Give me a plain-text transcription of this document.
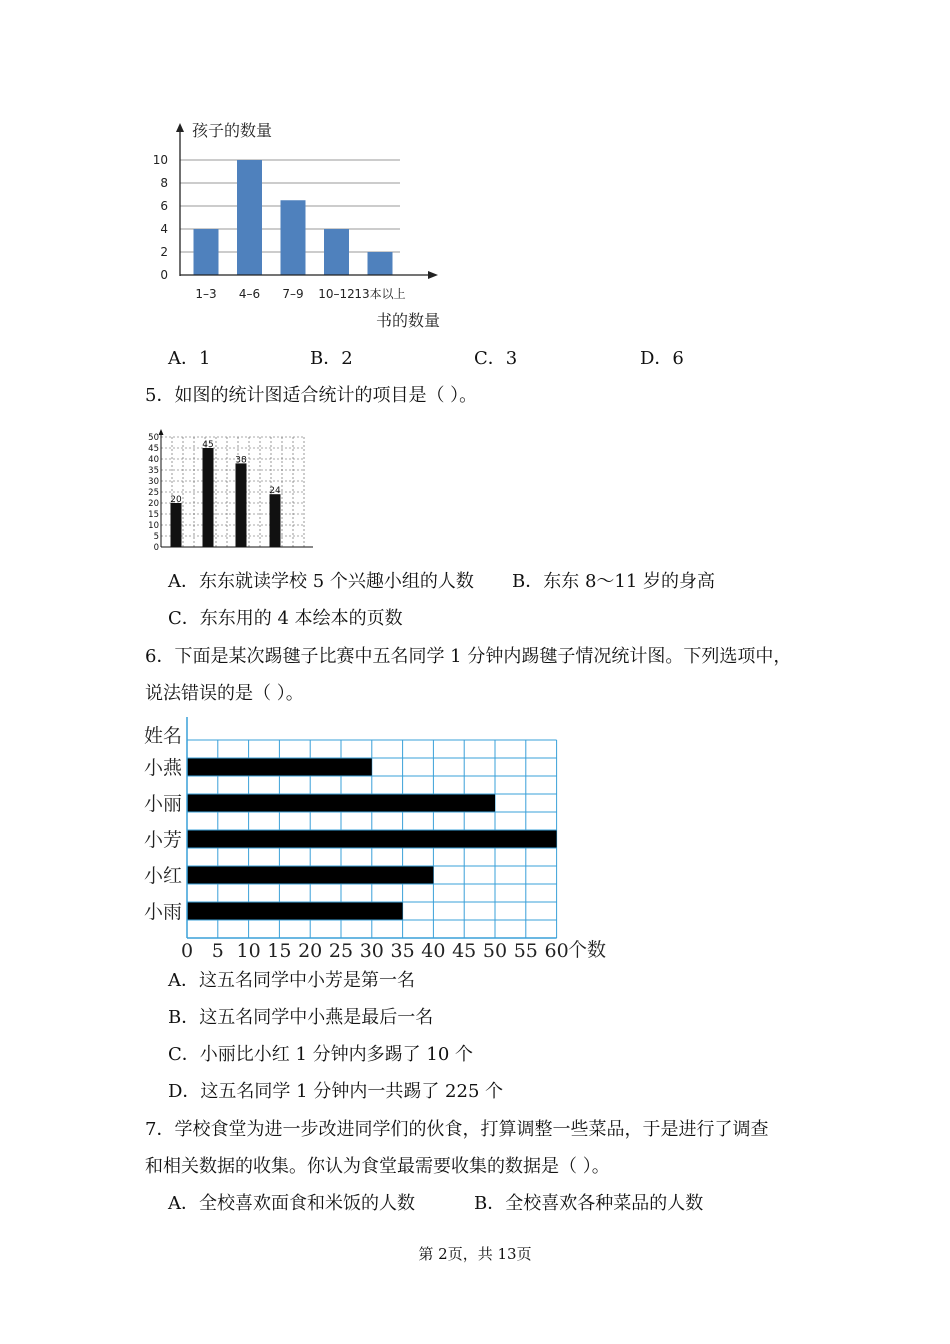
0
2
4
6
8
10
1–3 4–6 7–9 10–12 13本以上
孩子的数量
书的数量
A．1	B．2	C．3	D．6
5．如图的统计图适合统计的项目是（ ）。
0
5
10
15
20
25
30
35
40
45
50
20
45
38
24
A．东东就读学校 5 个兴趣小组的人数 B．东东 8～11 岁的身高
C．东东用的 4 本绘本的页数
6．下面是某次踢毽子比赛中五名同学 1 分钟内踢毽子情况统计图。下列选项中，
说法错误的是（ ）。
0 5 10 15 20 25 30 35 40 45 50 55 60
小燕
小丽
小芳
小红
小雨
姓名
个数
A．这五名同学中小芳是第一名
B．这五名同学中小燕是最后一名
C．小丽比小红 1 分钟内多踢了 10 个
D．这五名同学 1 分钟内一共踢了 225 个
7．学校食堂为进一步改进同学们的伙食，打算调整一些菜品，于是进行了调查
和相关数据的收集。你认为食堂最需要收集的数据是（ ）。
A．全校喜欢面食和米饭的人数	B．全校喜欢各种菜品的人数
第 2页，共 13页
